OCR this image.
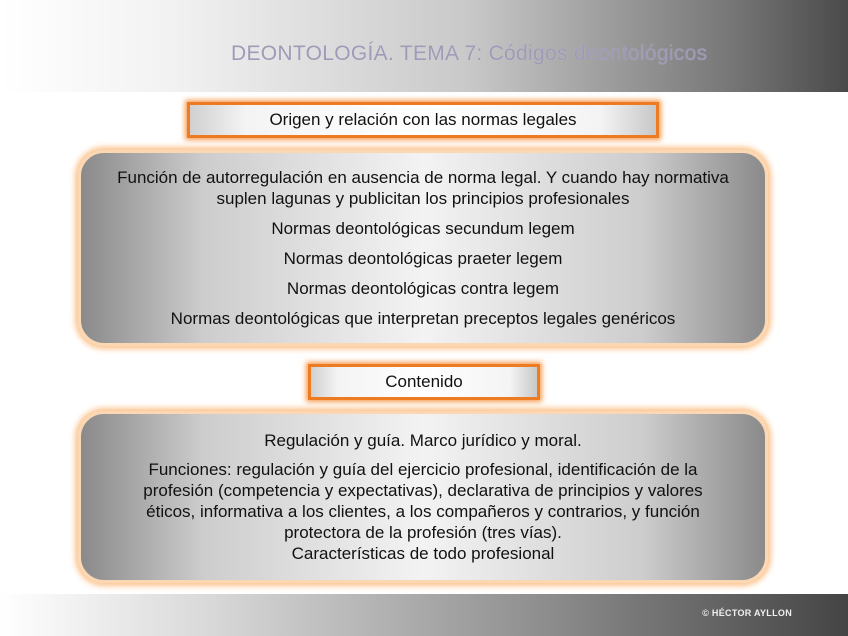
DEONTOLOGÍA. TEMA 7: Códigos deontológicos
Origen y relación con las normas legales

Función de autorregulación en ausencia de norma legal. Y cuando hay normativa suplen lagunas y publicitan los principios profesionales

Normas deontológicas secundum legem

Normas deontológicas praeter legem

Normas deontológicas contra legem

Normas deontológicas que interpretan preceptos legales genéricos

Contenido

Regulación y guía. Marco jurídico y moral.

Funciones: regulación y guía del ejercicio profesional, identificación de la profesión (competencia y expectativas), declarativa de principios y valores éticos, informativa a los clientes, a los compañeros y contrarios, y función protectora de la profesión (tres vías).
Características de todo profesional

© HÉCTOR AYLLON
